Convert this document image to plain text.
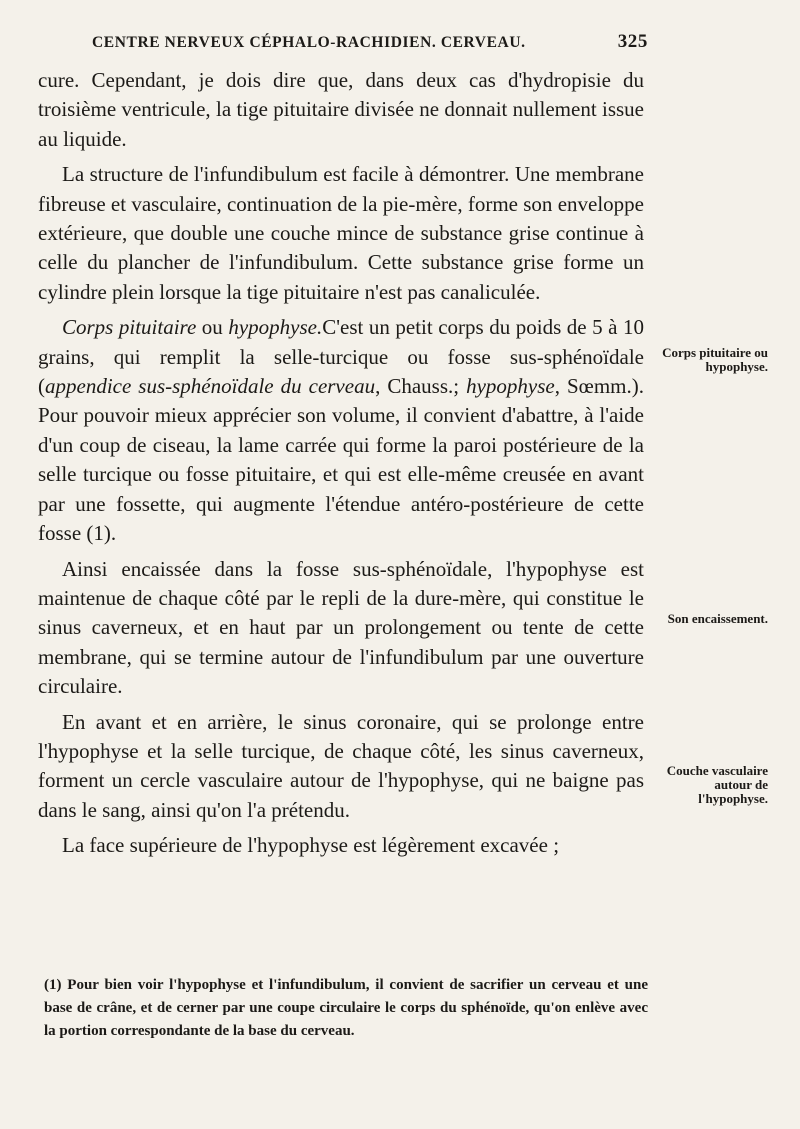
CENTRE NERVEUX CÉPHALO-RACHIDIEN. CERVEAU.	325

cure. Cependant, je dois dire que, dans deux cas d'hydropisie du troisième ventricule, la tige pituitaire divisée ne donnait nullement issue au liquide.

La structure de l'infundibulum est facile à démontrer. Une membrane fibreuse et vasculaire, continuation de la pie-mère, forme son enveloppe extérieure, que double une couche mince de substance grise continue à celle du plancher de l'infundibulum. Cette substance grise forme un cylindre plein lorsque la tige pituitaire n'est pas canaliculée.

Corps pituitaire ou hypophyse.C'est un petit corps du poids de 5 à 10 grains, qui remplit la selle-turcique ou fosse sus-sphénoïdale (appendice sus-sphénoïdale du cerveau, Chauss.; hypophyse, Sœmm.). Pour pouvoir mieux apprécier son volume, il convient d'abattre, à l'aide d'un coup de ciseau, la lame carrée qui forme la paroi postérieure de la selle turcique ou fosse pituitaire, et qui est elle-même creusée en avant par une fossette, qui augmente l'étendue antéro-postérieure de cette fosse (1).

Ainsi encaissée dans la fosse sus-sphénoïdale, l'hypophyse est maintenue de chaque côté par le repli de la dure-mère, qui constitue le sinus caverneux, et en haut par un prolongement ou tente de cette membrane, qui se termine autour de l'infundibulum par une ouverture circulaire.

En avant et en arrière, le sinus coronaire, qui se prolonge entre l'hypophyse et la selle turcique, de chaque côté, les sinus caverneux, forment un cercle vasculaire autour de l'hypophyse, qui ne baigne pas dans le sang, ainsi qu'on l'a prétendu.

La face supérieure de l'hypophyse est légèrement excavée ;

Corps pituitaire ou hypophyse.
Son encaissement.
Couche vasculaire autour de l'hypophyse.

(1) Pour bien voir l'hypophyse et l'infundibulum, il convient de sacrifier un cerveau et une base de crâne, et de cerner par une coupe circulaire le corps du sphénoïde, qu'on enlève avec la portion correspondante de la base du cerveau.
